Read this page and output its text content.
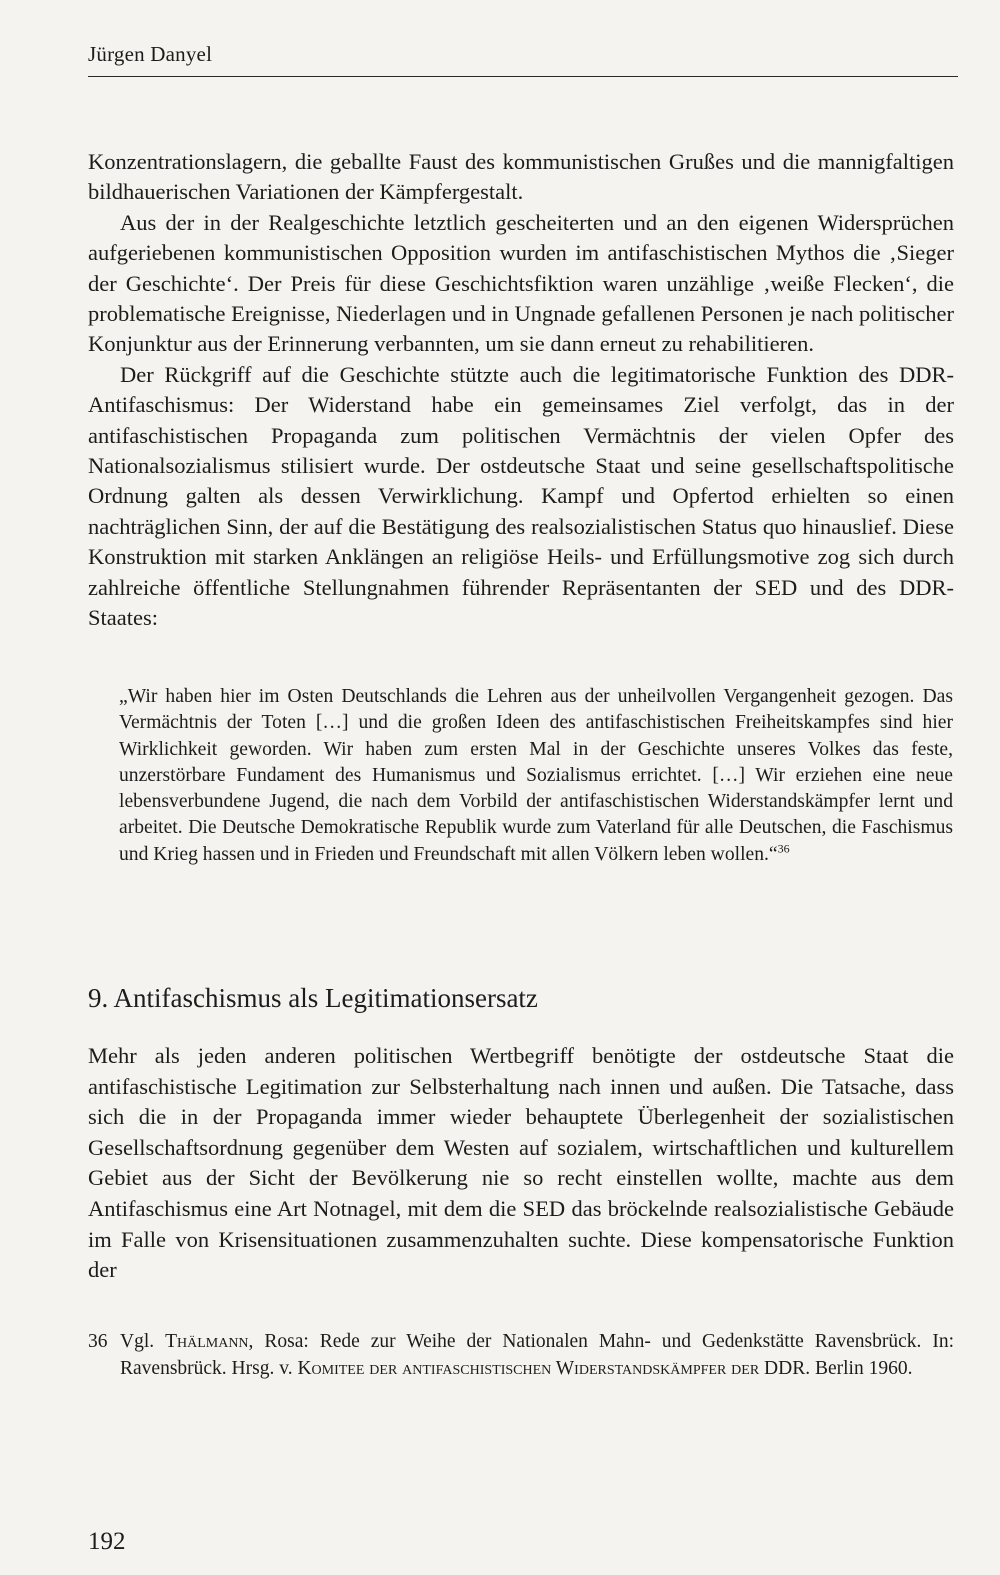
Jürgen Danyel

Konzentrationslagern, die geballte Faust des kommunistischen Grußes und die mannigfaltigen bildhauerischen Variationen der Kämpfergestalt.

Aus der in der Realgeschichte letztlich gescheiterten und an den eigenen Widersprüchen aufgeriebenen kommunistischen Opposition wurden im antifaschistischen Mythos die ‚Sieger der Geschichte‘. Der Preis für diese Geschichtsfiktion waren unzählige ‚weiße Flecken‘, die problematische Ereignisse, Niederlagen und in Ungnade gefallenen Personen je nach politischer Konjunktur aus der Erinnerung verbannten, um sie dann erneut zu rehabilitieren.

Der Rückgriff auf die Geschichte stützte auch die legitimatorische Funktion des DDR-Antifaschismus: Der Widerstand habe ein gemeinsames Ziel verfolgt, das in der antifaschistischen Propaganda zum politischen Vermächtnis der vielen Opfer des Nationalsozialismus stilisiert wurde. Der ostdeutsche Staat und seine gesellschaftspolitische Ordnung galten als dessen Verwirklichung. Kampf und Opfertod erhielten so einen nachträglichen Sinn, der auf die Bestätigung des realsozialistischen Status quo hinauslief. Diese Konstruktion mit starken Anklängen an religiöse Heils- und Erfüllungsmotive zog sich durch zahlreiche öffentliche Stellungnahmen führender Repräsentanten der SED und des DDR-Staates:

„Wir haben hier im Osten Deutschlands die Lehren aus der unheilvollen Vergangenheit gezogen. Das Vermächtnis der Toten […] und die großen Ideen des antifaschistischen Freiheitskampfes sind hier Wirklichkeit geworden. Wir haben zum ersten Mal in der Geschichte unseres Volkes das feste, unzerstörbare Fundament des Humanismus und Sozialismus errichtet. […] Wir erziehen eine neue lebensverbundene Jugend, die nach dem Vorbild der antifaschistischen Widerstandskämpfer lernt und arbeitet. Die Deutsche Demokratische Republik wurde zum Vaterland für alle Deutschen, die Faschismus und Krieg hassen und in Frieden und Freundschaft mit allen Völkern leben wollen.“$^{36}$

9. Antifaschismus als Legitimationsersatz

Mehr als jeden anderen politischen Wertbegriff benötigte der ostdeutsche Staat die antifaschistische Legitimation zur Selbsterhaltung nach innen und außen. Die Tatsache, dass sich die in der Propaganda immer wieder behauptete Überlegenheit der sozialistischen Gesellschaftsordnung gegenüber dem Westen auf sozialem, wirtschaftlichen und kulturellem Gebiet aus der Sicht der Bevölkerung nie so recht einstellen wollte, machte aus dem Antifaschismus eine Art Notnagel, mit dem die SED das bröckelnde realsozialistische Gebäude im Falle von Krisensituationen zusammenzuhalten suchte. Diese kompensatorische Funktion der

36 Vgl. Thälmann, Rosa: Rede zur Weihe der Nationalen Mahn- und Gedenkstätte Ravensbrück. In: Ravensbrück. Hrsg. v. Komitee der antifaschistischen Widerstandskämpfer der DDR. Berlin 1960.
192
